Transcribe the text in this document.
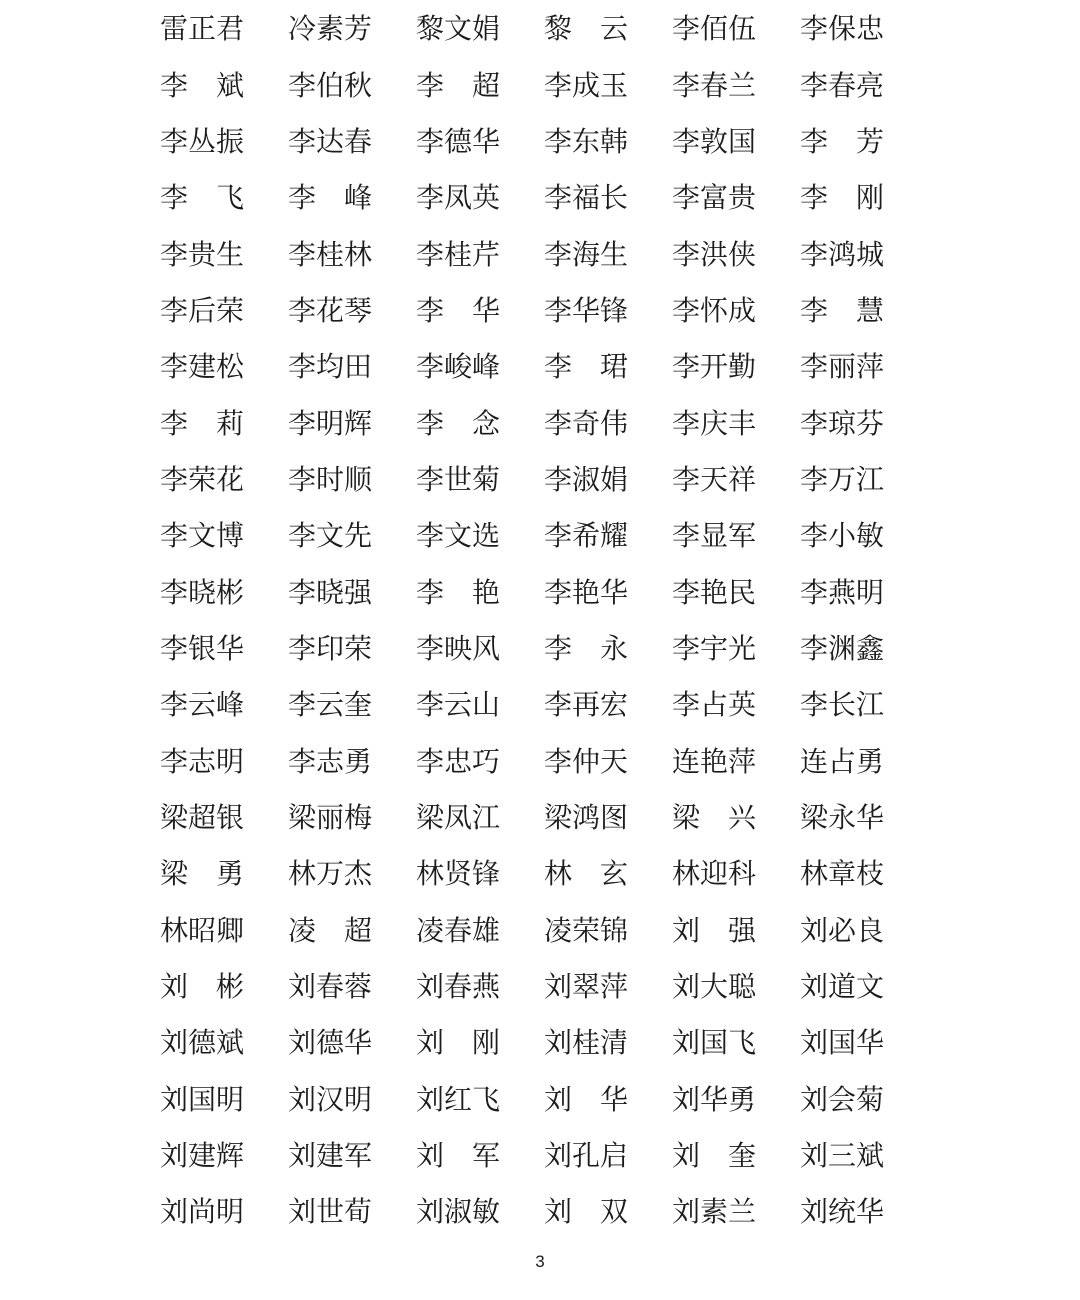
雷正君 冷素芳 黎文娟 黎　云 李佰伍 李保忠
李　斌 李伯秋 李　超 李成玉 李春兰 李春亮
李丛振 李达春 李德华 李东韩 李敦国 李　芳
李　飞 李　峰 李凤英 李福长 李富贵 李　刚
李贵生 李桂林 李桂芹 李海生 李洪侠 李鸿城
李后荣 李花琴 李　华 李华锋 李怀成 李　慧
李建松 李均田 李峻峰 李　珺 李开勤 李丽萍
李　莉 李明辉 李　念 李奇伟 李庆丰 李琼芬
李荣花 李时顺 李世菊 李淑娟 李天祥 李万江
李文博 李文先 李文选 李希耀 李显军 李小敏
李晓彬 李晓强 李　艳 李艳华 李艳民 李燕明
李银华 李印荣 李映风 李　永 李宇光 李渊鑫
李云峰 李云奎 李云山 李再宏 李占英 李长江
李志明 李志勇 李忠巧 李仲天 连艳萍 连占勇
梁超银 梁丽梅 梁凤江 梁鸿图 梁　兴 梁永华
梁　勇 林万杰 林贤锋 林　玄 林迎科 林章枝
林昭卿 凌　超 凌春雄 凌荣锦 刘　强 刘必良
刘　彬 刘春蓉 刘春燕 刘翠萍 刘大聪 刘道文
刘德斌 刘德华 刘　刚 刘桂清 刘国飞 刘国华
刘国明 刘汉明 刘红飞 刘　华 刘华勇 刘会菊
刘建辉 刘建军 刘　军 刘孔启 刘　奎 刘三斌
刘尚明 刘世荀 刘淑敏 刘　双 刘素兰 刘统华
3
